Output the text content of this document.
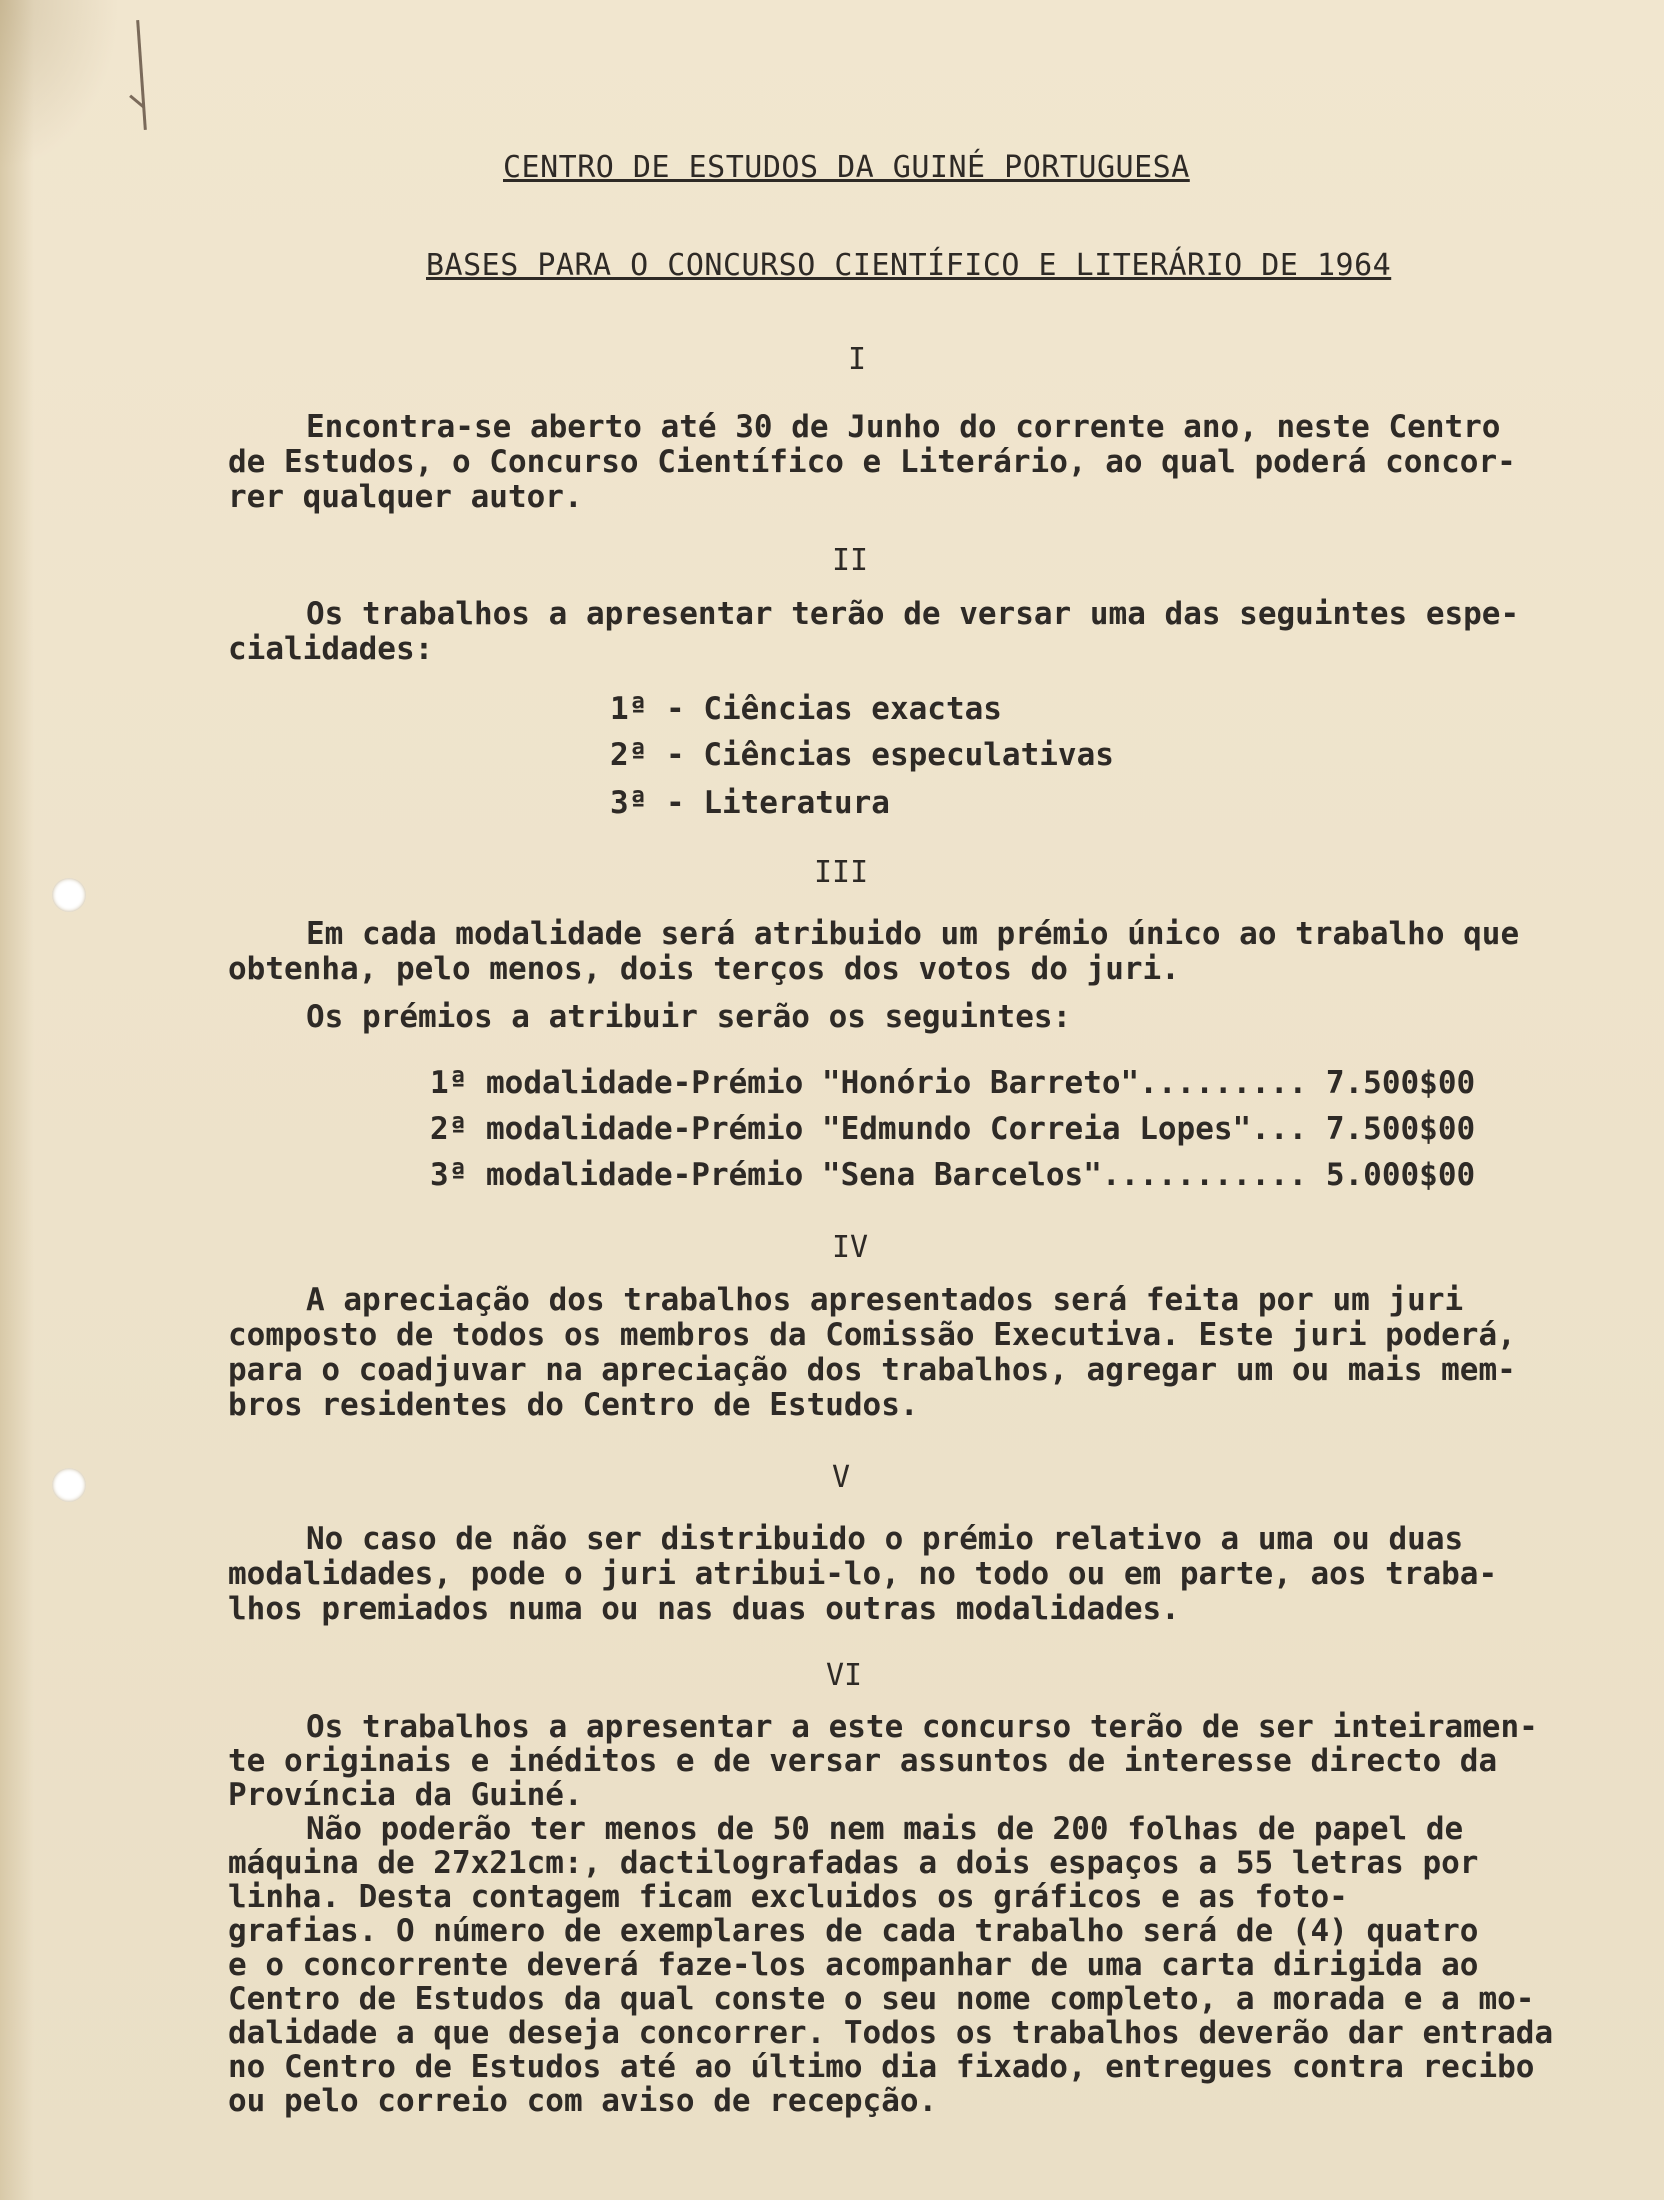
CENTRO DE ESTUDOS DA GUINÉ PORTUGUESA

BASES PARA O CONCURSO CIENTÍFICO E LITERÁRIO DE 1964

I

Encontra-se aberto até 30 de Junho do corrente ano, neste Centro

de Estudos, o Concurso Científico e Literário, ao qual poderá concor-

rer qualquer autor.

II

Os trabalhos a apresentar terão de versar uma das seguintes espe-

cialidades:

1ª - Ciências exactas

2ª - Ciências especulativas

3ª - Literatura

III

Em cada modalidade será atribuido um prémio único ao trabalho que

obtenha, pelo menos, dois terços dos votos do juri.

Os prémios a atribuir serão os seguintes:

1ª modalidade-Prémio "Honório Barreto"......... 7.500$00

2ª modalidade-Prémio "Edmundo Correia Lopes"... 7.500$00

3ª modalidade-Prémio "Sena Barcelos"........... 5.000$00

IV

A apreciação dos trabalhos apresentados será feita por um juri

composto de todos os membros da Comissão Executiva. Este juri poderá,

para o coadjuvar na apreciação dos trabalhos, agregar um ou mais mem-

bros residentes do Centro de Estudos.

V

No caso de não ser distribuido o prémio relativo a uma ou duas

modalidades, pode o juri atribui-lo, no todo ou em parte, aos traba-

lhos premiados numa ou nas duas outras modalidades.

VI

Os trabalhos a apresentar a este concurso terão de ser inteiramen-

te originais e inéditos e de versar assuntos de interesse directo da

Província da Guiné.

Não poderão ter menos de 50 nem mais de 200 folhas de papel de

máquina de 27x21cm:, dactilografadas a dois espaços a 55 letras por

linha. Desta contagem ficam excluidos os gráficos e as foto-

grafias. O número de exemplares de cada trabalho será de (4) quatro

e o concorrente deverá faze-los acompanhar de uma carta dirigida ao

Centro de Estudos da qual conste o seu nome completo, a morada e a mo-

dalidade a que deseja concorrer. Todos os trabalhos deverão dar entrada

no Centro de Estudos até ao último dia fixado, entregues contra recibo

ou pelo correio com aviso de recepção.
